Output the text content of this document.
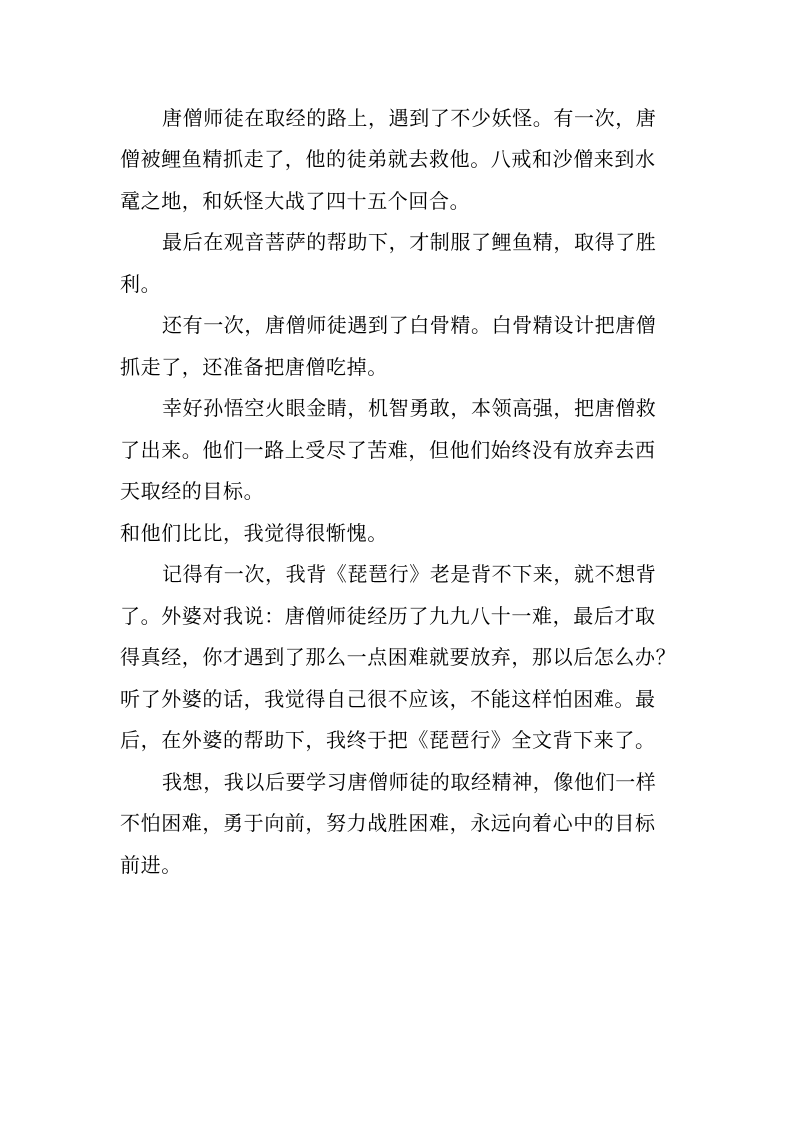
唐僧师徒在取经的路上，遇到了不少妖怪。有一次，唐
僧被鲤鱼精抓走了，他的徒弟就去救他。八戒和沙僧来到水
鼋之地，和妖怪大战了四十五个回合。
最后在观音菩萨的帮助下，才制服了鲤鱼精，取得了胜
利。
还有一次，唐僧师徒遇到了白骨精。白骨精设计把唐僧
抓走了，还准备把唐僧吃掉。
幸好孙悟空火眼金睛，机智勇敢，本领高强，把唐僧救
了出来。他们一路上受尽了苦难，但他们始终没有放弃去西
天取经的目标。
和他们比比，我觉得很惭愧。
记得有一次，我背《琵琶行》老是背不下来，就不想背
了。外婆对我说：唐僧师徒经历了九九八十一难，最后才取
得真经，你才遇到了那么一点困难就要放弃，那以后怎么办？
听了外婆的话，我觉得自己很不应该，不能这样怕困难。最
后，在外婆的帮助下，我终于把《琵琶行》全文背下来了。
我想，我以后要学习唐僧师徒的取经精神，像他们一样
不怕困难，勇于向前，努力战胜困难，永远向着心中的目标
前进。
